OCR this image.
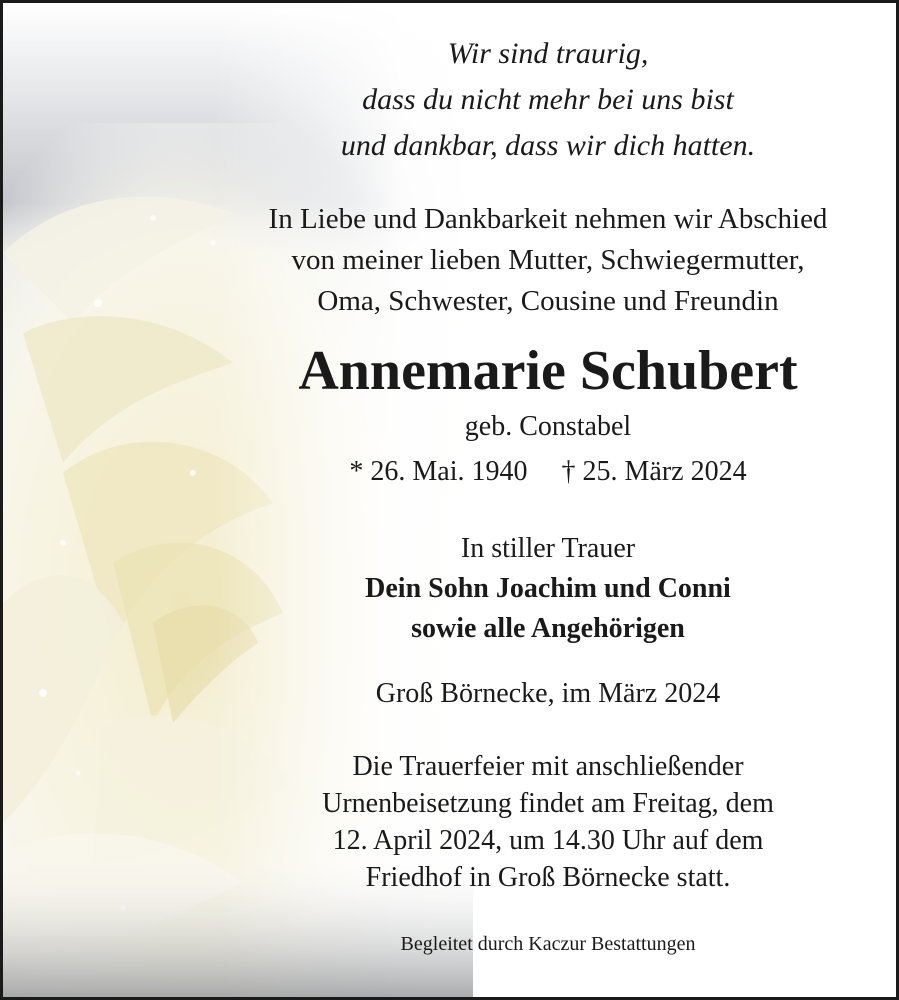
Wir sind traurig,
dass du nicht mehr bei uns bist
und dankbar, dass wir dich hatten.
In Liebe und Dankbarkeit nehmen wir Abschied
von meiner lieben Mutter, Schwiegermutter,
Oma, Schwester, Cousine und Freundin
Annemarie Schubert
geb. Constabel
* 26. Mai. 1940 † 25. März 2024
In stiller Trauer
Dein Sohn Joachim und Conni
sowie alle Angehörigen
Groß Börnecke, im März 2024
Die Trauerfeier mit anschließender
Urnenbeisetzung findet am Freitag, dem
12. April 2024, um 14.30 Uhr auf dem
Friedhof in Groß Börnecke statt.
Begleitet durch Kaczur Bestattungen
